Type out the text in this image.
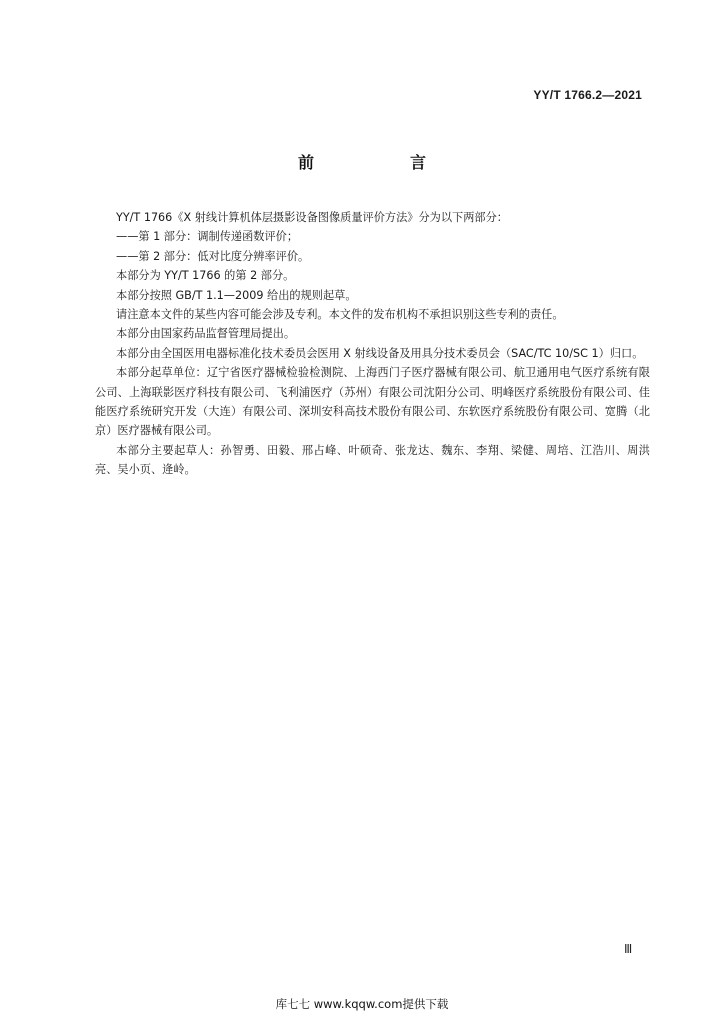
YY/T 1766.2—2021
前　言

YY/T 1766《X 射线计算机体层摄影设备图像质量评价方法》分为以下两部分：

——第 1 部分：调制传递函数评价；

——第 2 部分：低对比度分辨率评价。

本部分为 YY/T 1766 的第 2 部分。

本部分按照 GB/T 1.1—2009 给出的规则起草。

请注意本文件的某些内容可能会涉及专利。本文件的发布机构不承担识别这些专利的责任。

本部分由国家药品监督管理局提出。

本部分由全国医用电器标准化技术委员会医用 X 射线设备及用具分技术委员会（SAC/TC 10/SC 1）归口。

本部分起草单位：辽宁省医疗器械检验检测院、上海西门子医疗器械有限公司、航卫通用电气医疗系统有限公司、上海联影医疗科技有限公司、飞利浦医疗（苏州）有限公司沈阳分公司、明峰医疗系统股份有限公司、佳能医疗系统研究开发（大连）有限公司、深圳安科高技术股份有限公司、东软医疗系统股份有限公司、宽腾（北京）医疗器械有限公司。

本部分主要起草人：孙智勇、田毅、邢占峰、叶硕奇、张龙达、魏东、李翔、梁健、周培、江浩川、周洪亮、吴小页、逄岭。

Ⅲ
库七七 www.kqqw.com提供下载
